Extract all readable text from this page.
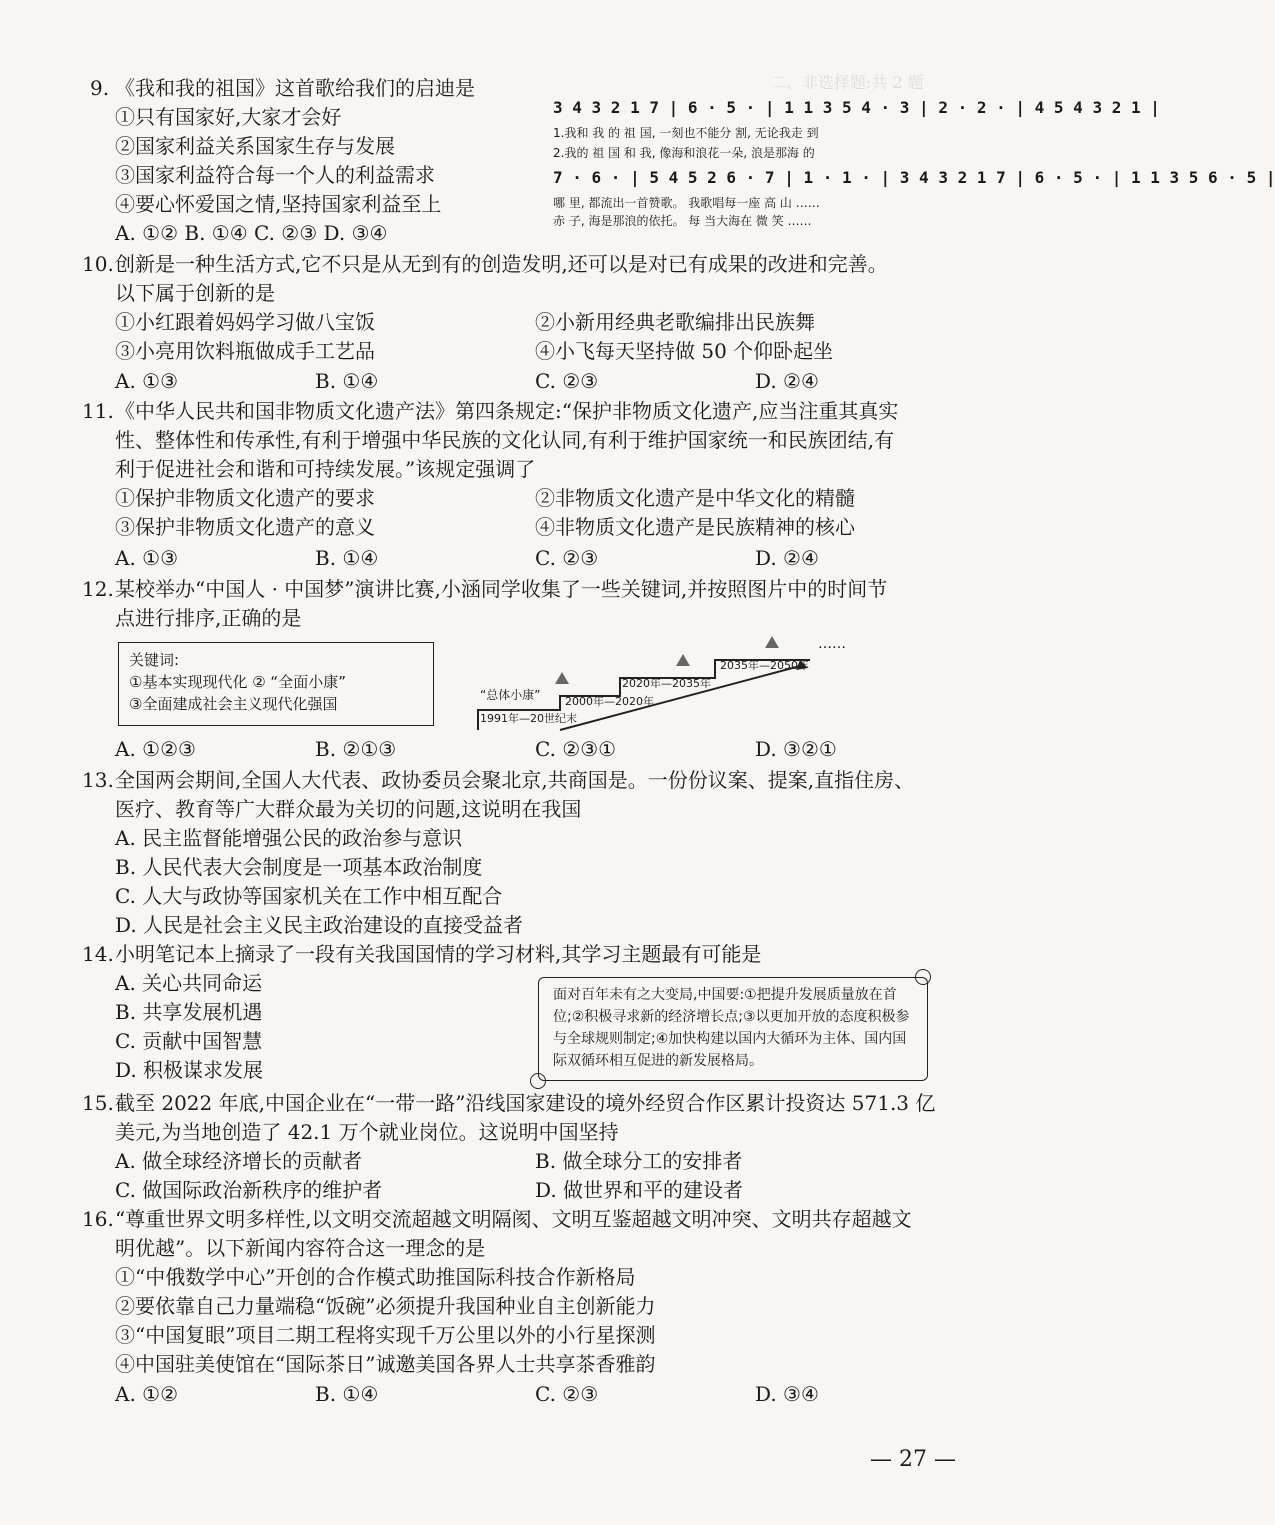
二、非选择题:共 2 题
9. 《我和我的祖国》这首歌给我们的启迪是
①只有国家好,大家才会好
②国家利益关系国家生存与发展
③国家利益符合每一个人的利益需求
④要心怀爱国之情,坚持国家利益至上
A. ①② B. ①④ C. ②③ D. ③④
3 4 3 2 1 7 | 6 · 5 · | 1 1 3 5 4 · 3 | 2 · 2 · | 4 5 4 3 2 1 |
1.我和 我 的 祖 国, 一刻也不能分 割, 无论我走 到
2.我的 祖 国 和 我, 像海和浪花一朵, 浪是那海 的
7 · 6 · | 5 4 5 2 6 · 7 | 1 · 1 · | 3 4 3 2 1 7 | 6 · 5 · | 1 1 3 5 6 · 5 |
哪 里, 都流出一首赞歌。 我歌唱每一座 高 山 ……
赤 子, 海是那浪的依托。 每 当大海在 微 笑 ……
10. 创新是一种生活方式,它不只是从无到有的创造发明,还可以是对已有成果的改进和完善。
以下属于创新的是
①小红跟着妈妈学习做八宝饭	②小新用经典老歌编排出民族舞
③小亮用饮料瓶做成手工艺品	④小飞每天坚持做 50 个仰卧起坐
A. ①③	B. ①④	C. ②③	D. ②④
11. 《中华人民共和国非物质文化遗产法》第四条规定:“保护非物质文化遗产,应当注重其真实
性、整体性和传承性,有利于增强中华民族的文化认同,有利于维护国家统一和民族团结,有
利于促进社会和谐和可持续发展。”该规定强调了
①保护非物质文化遗产的要求	②非物质文化遗产是中华文化的精髓
③保护非物质文化遗产的意义	④非物质文化遗产是民族精神的核心
A. ①③	B. ①④	C. ②③	D. ②④
12. 某校举办“中国人 · 中国梦”演讲比赛,小涵同学收集了一些关键词,并按照图片中的时间节
点进行排序,正确的是
关键词:
①基本实现现代化 ② “全面小康”
③全面建成社会主义现代化强国
1991年—20世纪末
2000年—2020年
2020年—2035年
2035年—2050年
“总体小康”
……
A. ①②③	B. ②①③	C. ②③①	D. ③②①
13. 全国两会期间,全国人大代表、政协委员会聚北京,共商国是。一份份议案、提案,直指住房、
医疗、教育等广大群众最为关切的问题,这说明在我国
A. 民主监督能增强公民的政治参与意识
B. 人民代表大会制度是一项基本政治制度
C. 人大与政协等国家机关在工作中相互配合
D. 人民是社会主义民主政治建设的直接受益者
14. 小明笔记本上摘录了一段有关我国国情的学习材料,其学习主题最有可能是
A. 关心共同命运
B. 共享发展机遇
C. 贡献中国智慧
D. 积极谋求发展
面对百年未有之大变局,中国要:①把提升发展质量放在首位;②积极寻求新的经济增长点;③以更加开放的态度积极参与全球规则制定;④加快构建以国内大循环为主体、国内国际双循环相互促进的新发展格局。
15. 截至 2022 年底,中国企业在“一带一路”沿线国家建设的境外经贸合作区累计投资达 571.3 亿
美元,为当地创造了 42.1 万个就业岗位。这说明中国坚持
A. 做全球经济增长的贡献者	B. 做全球分工的安排者
C. 做国际政治新秩序的维护者	D. 做世界和平的建设者
16. “尊重世界文明多样性,以文明交流超越文明隔阂、文明互鉴超越文明冲突、文明共存超越文
明优越”。以下新闻内容符合这一理念的是
①“中俄数学中心”开创的合作模式助推国际科技合作新格局
②要依靠自己力量端稳“饭碗”必须提升我国种业自主创新能力
③“中国复眼”项目二期工程将实现千万公里以外的小行星探测
④中国驻美使馆在“国际茶日”诚邀美国各界人士共享茶香雅韵
A. ①②	B. ①④	C. ②③	D. ③④
— 27 —
